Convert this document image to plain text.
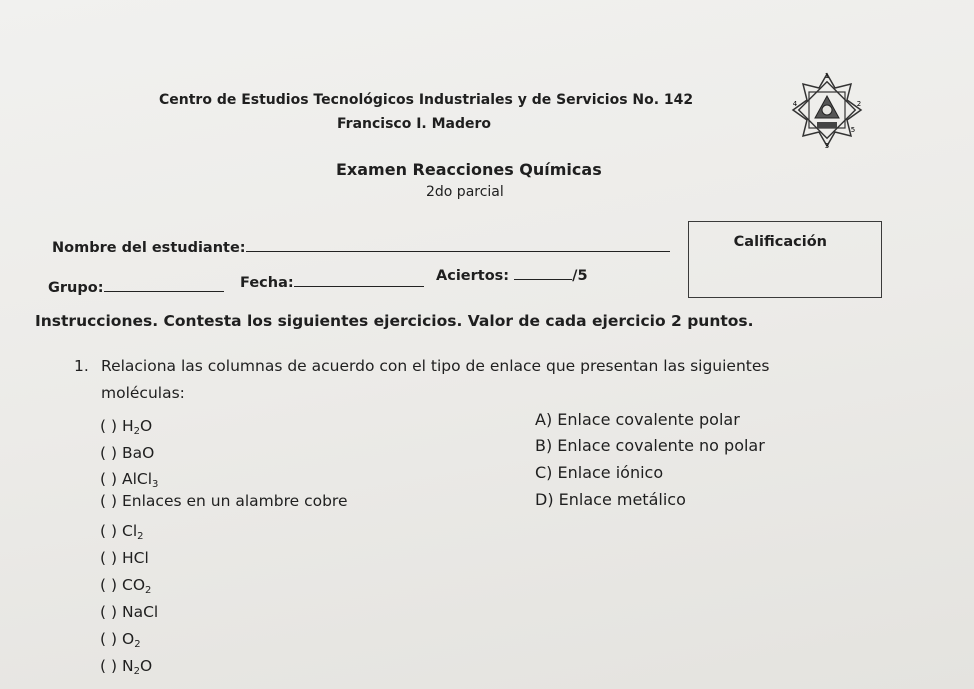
Centro de Estudios Tecnológicos Industriales y de Servicios No. 142
Francisco I. Madero
1
2
3
4
5
Examen Reacciones Químicas
2do parcial
Nombre del estudiante:
Grupo:	Fecha:	Aciertos:	/5
Calificación
Instrucciones. Contesta los siguientes ejercicios. Valor de cada ejercicio 2 puntos.
1. Relaciona las columnas de acuerdo con el tipo de enlace que presentan las siguientes
moléculas:
( ) $H_2O$
( ) BaO
( ) AlCl$_3$
( ) Enlaces en un alambre cobre
( ) $Cl_2$
( ) HCl
( ) $CO_2$
( ) NaCl
( ) $O_2$
( ) $N_2O$
A) Enlace covalente polar
B) Enlace covalente no polar
C) Enlace iónico
D) Enlace metálico
